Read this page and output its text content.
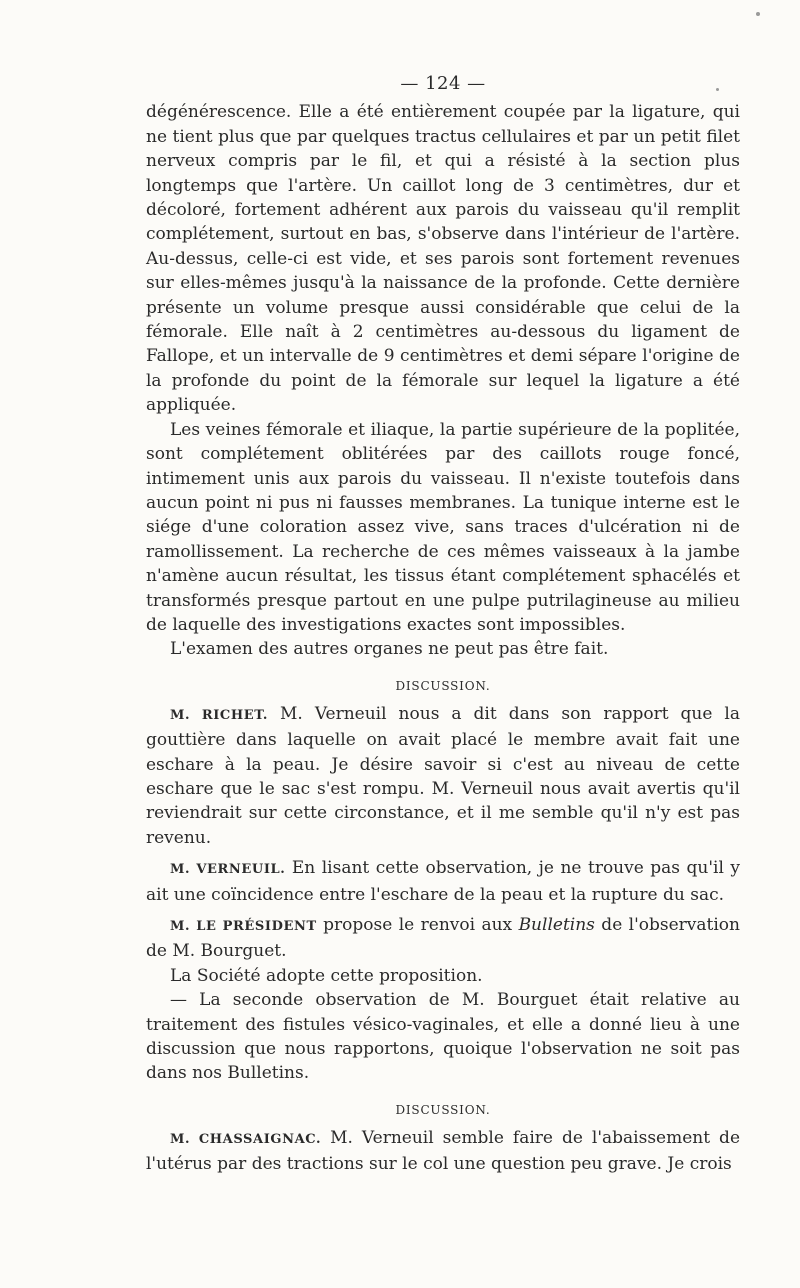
— 124 —

dégénérescence. Elle a été entièrement coupée par la ligature, qui ne tient plus que par quelques tractus cellulaires et par un petit filet nerveux compris par le fil, et qui a résisté à la section plus longtemps que l'artère. Un caillot long de 3 centimètres, dur et décoloré, fortement adhérent aux parois du vaisseau qu'il remplit complétement, surtout en bas, s'observe dans l'intérieur de l'artère. Au-dessus, celle-ci est vide, et ses parois sont fortement revenues sur elles-mêmes jusqu'à la naissance de la profonde. Cette dernière présente un volume presque aussi considérable que celui de la fémorale. Elle naît à 2 centimètres au-dessous du ligament de Fallope, et un intervalle de 9 centimètres et demi sépare l'origine de la profonde du point de la fémorale sur lequel la ligature a été appliquée.

Les veines fémorale et iliaque, la partie supérieure de la poplitée, sont complétement oblitérées par des caillots rouge foncé, intimement unis aux parois du vaisseau. Il n'existe toutefois dans aucun point ni pus ni fausses membranes. La tunique interne est le siége d'une coloration assez vive, sans traces d'ulcération ni de ramollissement. La recherche de ces mêmes vaisseaux à la jambe n'amène aucun résultat, les tissus étant complétement sphacélés et transformés presque partout en une pulpe putrilagineuse au milieu de laquelle des investigations exactes sont impossibles.

L'examen des autres organes ne peut pas être fait.

DISCUSSION.

M. RICHET. M. Verneuil nous a dit dans son rapport que la gouttière dans laquelle on avait placé le membre avait fait une eschare à la peau. Je désire savoir si c'est au niveau de cette eschare que le sac s'est rompu. M. Verneuil nous avait avertis qu'il reviendrait sur cette circonstance, et il me semble qu'il n'y est pas revenu.

M. VERNEUIL. En lisant cette observation, je ne trouve pas qu'il y ait une coïncidence entre l'eschare de la peau et la rupture du sac.

M. LE PRÉSIDENT propose le renvoi aux Bulletins de l'observation de M. Bourguet.

La Société adopte cette proposition.

— La seconde observation de M. Bourguet était relative au traitement des fistules vésico-vaginales, et elle a donné lieu à une discussion que nous rapportons, quoique l'observation ne soit pas dans nos Bulletins.

DISCUSSION.

M. CHASSAIGNAC. M. Verneuil semble faire de l'abaissement de l'utérus par des tractions sur le col une question peu grave. Je crois
